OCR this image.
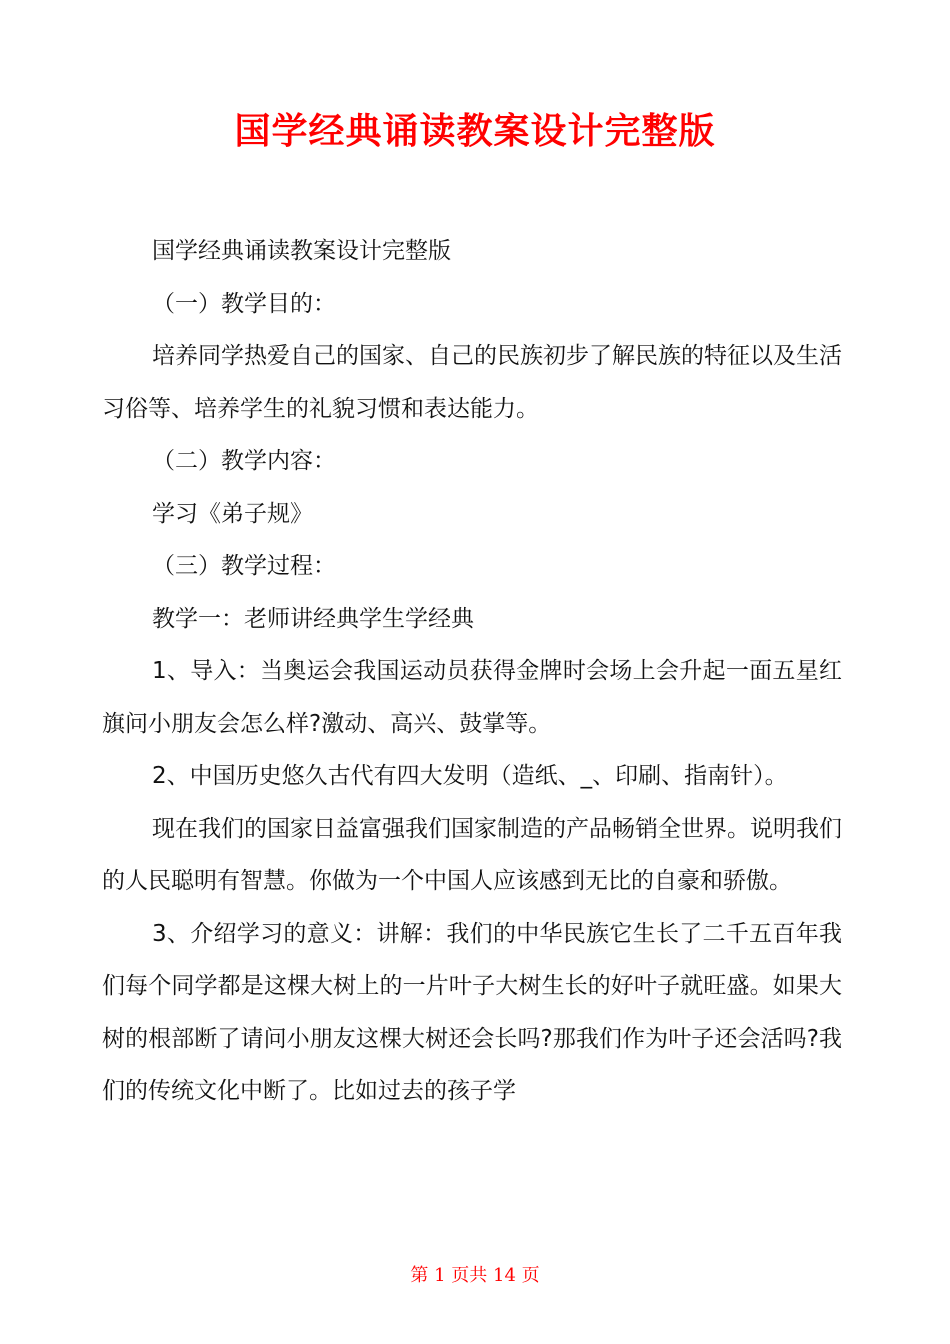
国学经典诵读教案设计完整版

国学经典诵读教案设计完整版

（一）教学目的：

培养同学热爱自己的国家、自己的民族初步了解民族的特征以及生活习俗等、培养学生的礼貌习惯和表达能力。

（二）教学内容：

学习《弟子规》

（三）教学过程：

教学一：老师讲经典学生学经典

1、导入：当奥运会我国运动员获得金牌时会场上会升起一面五星红旗问小朋友会怎么样?激动、高兴、鼓掌等。

2、中国历史悠久古代有四大发明（造纸、_、印刷、指南针）。

现在我们的国家日益富强我们国家制造的产品畅销全世界。说明我们的人民聪明有智慧。你做为一个中国人应该感到无比的自豪和骄傲。

3、介绍学习的意义：讲解：我们的中华民族它生长了二千五百年我们每个同学都是这棵大树上的一片叶子大树生长的好叶子就旺盛。如果大树的根部断了请问小朋友这棵大树还会长吗?那我们作为叶子还会活吗?我们的传统文化中断了。比如过去的孩子学

第 1 页共 14 页
